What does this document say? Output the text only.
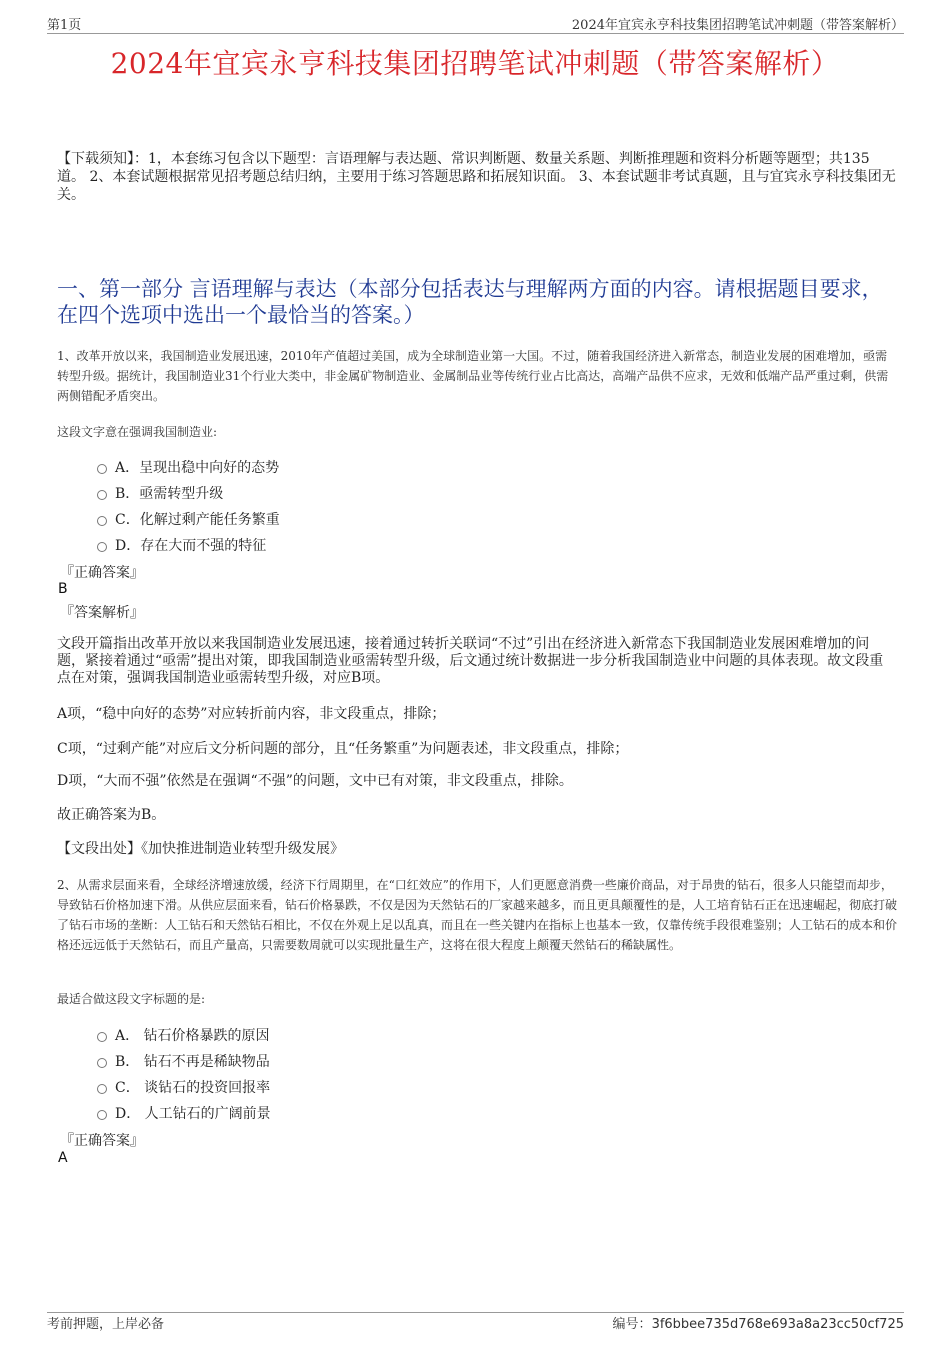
第1页	2024年宜宾永亨科技集团招聘笔试冲刺题（带答案解析）
2024年宜宾永亨科技集团招聘笔试冲刺题（带答案解析）
【下载须知】：1，本套练习包含以下题型：言语理解与表达题、常识判断题、数量关系题、判断推理题和资料分析题等题型；共135道。 2、本套试题根据常见招考题总结归纳，主要用于练习答题思路和拓展知识面。 3、本套试题非考试真题，且与宜宾永亨科技集团无关。
一、第一部分 言语理解与表达（本部分包括表达与理解两方面的内容。请根据题目要求，在四个选项中选出一个最恰当的答案。）
1、改革开放以来，我国制造业发展迅速，2010年产值超过美国，成为全球制造业第一大国。不过，随着我国经济进入新常态，制造业发展的困难增加，亟需转型升级。据统计，我国制造业31个行业大类中，非金属矿物制造业、金属制品业等传统行业占比高达，高端产品供不应求，无效和低端产品严重过剩，供需两侧错配矛盾突出。
这段文字意在强调我国制造业:
A．呈现出稳中向好的态势
B．亟需转型升级
C．化解过剩产能任务繁重
D．存在大而不强的特征
『正确答案』
B
『答案解析』
文段开篇指出改革开放以来我国制造业发展迅速，接着通过转折关联词“不过”引出在经济进入新常态下我国制造业发展困难增加的问题，紧接着通过“亟需”提出对策，即我国制造业亟需转型升级，后文通过统计数据进一步分析我国制造业中问题的具体表现。故文段重点在对策，强调我国制造业亟需转型升级，对应B项。
A项，“稳中向好的态势”对应转折前内容，非文段重点，排除；
C项，“过剩产能”对应后文分析问题的部分，且“任务繁重”为问题表述，非文段重点，排除；
D项，“大而不强”依然是在强调“不强”的问题，文中已有对策，非文段重点，排除。
故正确答案为B。
【文段出处】《加快推进制造业转型升级发展》
2、从需求层面来看，全球经济增速放缓，经济下行周期里，在“口红效应”的作用下，人们更愿意消费一些廉价商品，对于昂贵的钻石，很多人只能望而却步，导致钻石价格加速下滑。从供应层面来看，钻石价格暴跌，不仅是因为天然钻石的厂家越来越多，而且更具颠覆性的是，人工培育钻石正在迅速崛起，彻底打破了钻石市场的垄断：人工钻石和天然钻石相比，不仅在外观上足以乱真，而且在一些关键内在指标上也基本一致，仅靠传统手段很难鉴别；人工钻石的成本和价格还远远低于天然钻石，而且产量高，只需要数周就可以实现批量生产，这将在很大程度上颠覆天然钻石的稀缺属性。
最适合做这段文字标题的是:
A． 钻石价格暴跌的原因
B． 钻石不再是稀缺物品
C． 谈钻石的投资回报率
D． 人工钻石的广阔前景
『正确答案』
A
考前押题，上岸必备	编号：3f6bbee735d768e693a8a23cc50cf725
